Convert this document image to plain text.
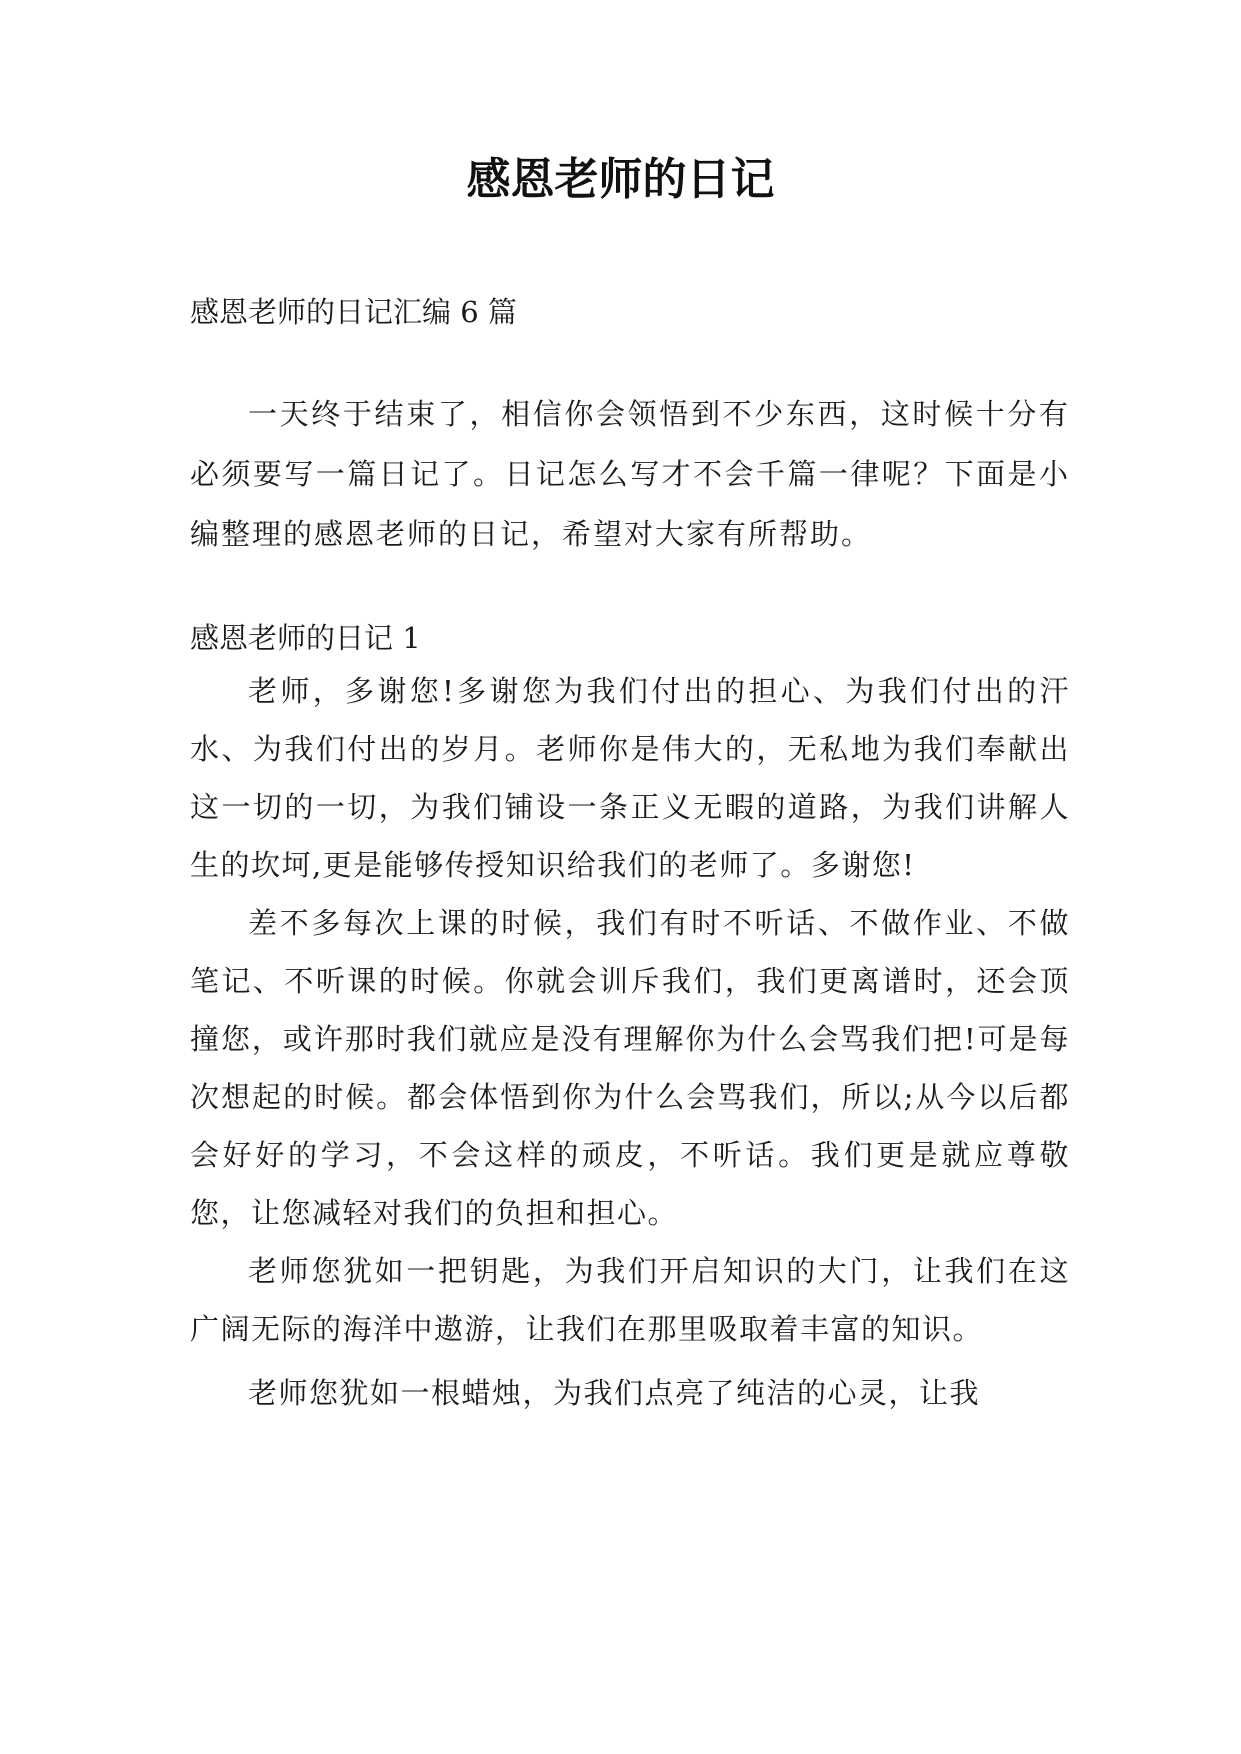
感恩老师的日记

感恩老师的日记汇编 6 篇

一天终于结束了，相信你会领悟到不少东西，这时候十分有必须要写一篇日记了。日记怎么写才不会千篇一律呢？下面是小编整理的感恩老师的日记，希望对大家有所帮助。

感恩老师的日记 1

老师，多谢您!多谢您为我们付出的担心、为我们付出的汗水、为我们付出的岁月。老师你是伟大的，无私地为我们奉献出这一切的一切，为我们铺设一条正义无暇的道路，为我们讲解人生的坎坷,更是能够传授知识给我们的老师了。多谢您!

差不多每次上课的时候，我们有时不听话、不做作业、不做笔记、不听课的时候。你就会训斥我们，我们更离谱时，还会顶撞您，或许那时我们就应是没有理解你为什么会骂我们把!可是每次想起的时候。都会体悟到你为什么会骂我们，所以;从今以后都会好好的学习，不会这样的顽皮，不听话。我们更是就应尊敬您，让您减轻对我们的负担和担心。

老师您犹如一把钥匙，为我们开启知识的大门，让我们在这广阔无际的海洋中遨游，让我们在那里吸取着丰富的知识。

老师您犹如一根蜡烛，为我们点亮了纯洁的心灵，让我
